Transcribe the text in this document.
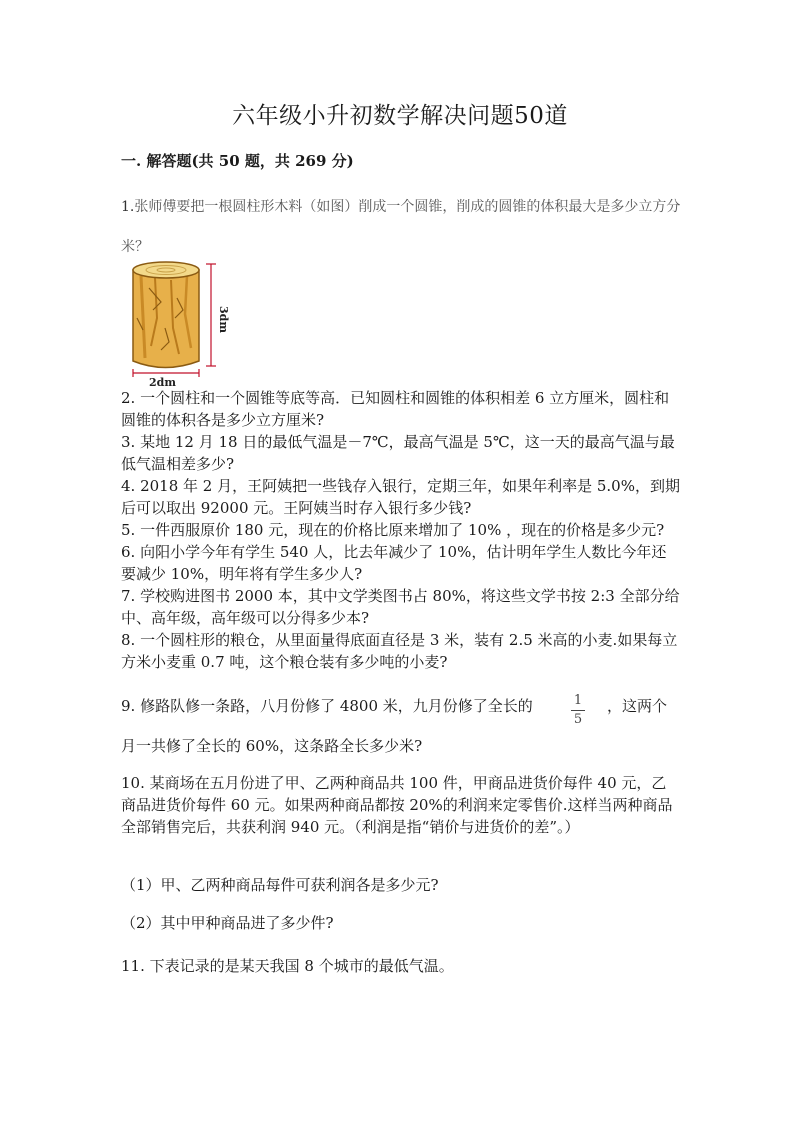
六年级小升初数学解决问题50道
一. 解答题(共 50 题，共 269 分)
1.张师傅要把一根圆柱形木料（如图）削成一个圆锥，削成的圆锥的体积最大是多少立方分米？
3dm
2dm

2. 一个圆柱和一个圆锥等底等高．已知圆柱和圆锥的体积相差 6 立方厘米，圆柱和圆锥的体积各是多少立方厘米?

3. 某地 12 月 18 日的最低气温是－7℃，最高气温是 5℃，这一天的最高气温与最低气温相差多少?

4. 2018 年 2 月，王阿姨把一些钱存入银行，定期三年，如果年利率是 5.0%，到期后可以取出 92000 元。王阿姨当时存入银行多少钱?

5. 一件西服原价 180 元，现在的价格比原来增加了 10% ，现在的价格是多少元?

6. 向阳小学今年有学生 540 人，比去年减少了 10%，估计明年学生人数比今年还要减少 10%，明年将有学生多少人?

7. 学校购进图书 2000 本，其中文学类图书占 80%，将这些文学书按 2:3 全部分给中、高年级，高年级可以分得多少本?

8. 一个圆柱形的粮仓，从里面量得底面直径是 3 米，装有 2.5 米高的小麦.如果每立方米小麦重 0.7 吨，这个粮仓装有多少吨的小麦?

9. 修路队修一条路，八月份修了 4800 米，九月份修了全长的	1
5
，这两个
月一共修了全长的 60%，这条路全长多少米?
10. 某商场在五月份进了甲、乙两种商品共 100 件，甲商品进货价每件 40 元，乙商品进货价每件 60 元。如果两种商品都按 20%的利润来定零售价.这样当两种商品全部销售完后，共获利润 940 元。（利润是指“销价与进货价的差”。）
（1）甲、乙两种商品每件可获利润各是多少元?
（2）其中甲种商品进了多少件?
11. 下表记录的是某天我国 8 个城市的最低气温。
